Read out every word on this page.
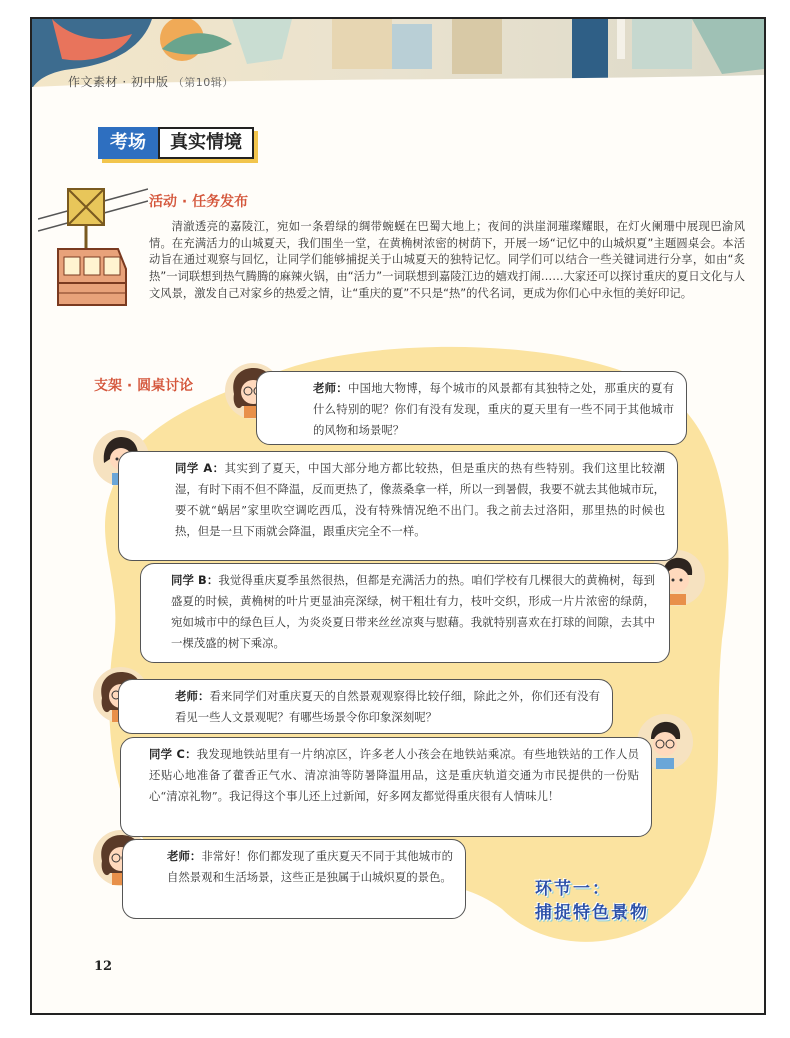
作文素材 · 初中版 （第10辑）
考场	真实情境
活动 · 任务发布

清澈透亮的嘉陵江，宛如一条碧绿的绸带蜿蜒在巴蜀大地上；夜间的洪崖洞璀璨耀眼，在灯火阑珊中展现巴渝风情。在充满活力的山城夏天，我们围坐一堂，在黄桷树浓密的树荫下，开展一场“记忆中的山城炽夏”主题圆桌会。本活动旨在通过观察与回忆，让同学们能够捕捉关于山城夏天的独特记忆。同学们可以结合一些关键词进行分享，如由“炙热”一词联想到热气腾腾的麻辣火锅，由“活力”一词联想到嘉陵江边的嬉戏打闹……大家还可以探讨重庆的夏日文化与人文风景，激发自己对家乡的热爱之情，让“重庆的夏”不只是“热”的代名词，更成为你们心中永恒的美好印记。

支架 · 圆桌讨论	老师：中国地大物博，每个城市的风景都有其独特之处，那重庆的夏有什么特别的呢？你们有没有发现，重庆的夏天里有一些不同于其他城市的风物和场景呢？

同学 A：其实到了夏天，中国大部分地方都比较热，但是重庆的热有些特别。我们这里比较潮湿，有时下雨不但不降温，反而更热了，像蒸桑拿一样，所以一到暑假，我要不就去其他城市玩，要不就“蜗居”家里吹空调吃西瓜，没有特殊情况绝不出门。我之前去过洛阳，那里热的时候也热，但是一旦下雨就会降温，跟重庆完全不一样。

同学 B：我觉得重庆夏季虽然很热，但都是充满活力的热。咱们学校有几棵很大的黄桷树，每到盛夏的时候，黄桷树的叶片更显油亮深绿，树干粗壮有力，枝叶交织，形成一片片浓密的绿荫，宛如城市中的绿色巨人，为炎炎夏日带来丝丝凉爽与慰藉。我就特别喜欢在打球的间隙，去其中一棵茂盛的树下乘凉。

老师：看来同学们对重庆夏天的自然景观观察得比较仔细，除此之外，你们还有没有看见一些人文景观呢？有哪些场景令你印象深刻呢？

同学 C：我发现地铁站里有一片纳凉区，许多老人小孩会在地铁站乘凉。有些地铁站的工作人员还贴心地准备了藿香正气水、清凉油等防暑降温用品，这是重庆轨道交通为市民提供的一份贴心“清凉礼物”。我记得这个事儿还上过新闻，好多网友都觉得重庆很有人情味儿！

老师：非常好！你们都发现了重庆夏天不同于其他城市的自然景观和生活场景，这些正是独属于山城炽夏的景色。

环节一：
捕捉特色景物
12
